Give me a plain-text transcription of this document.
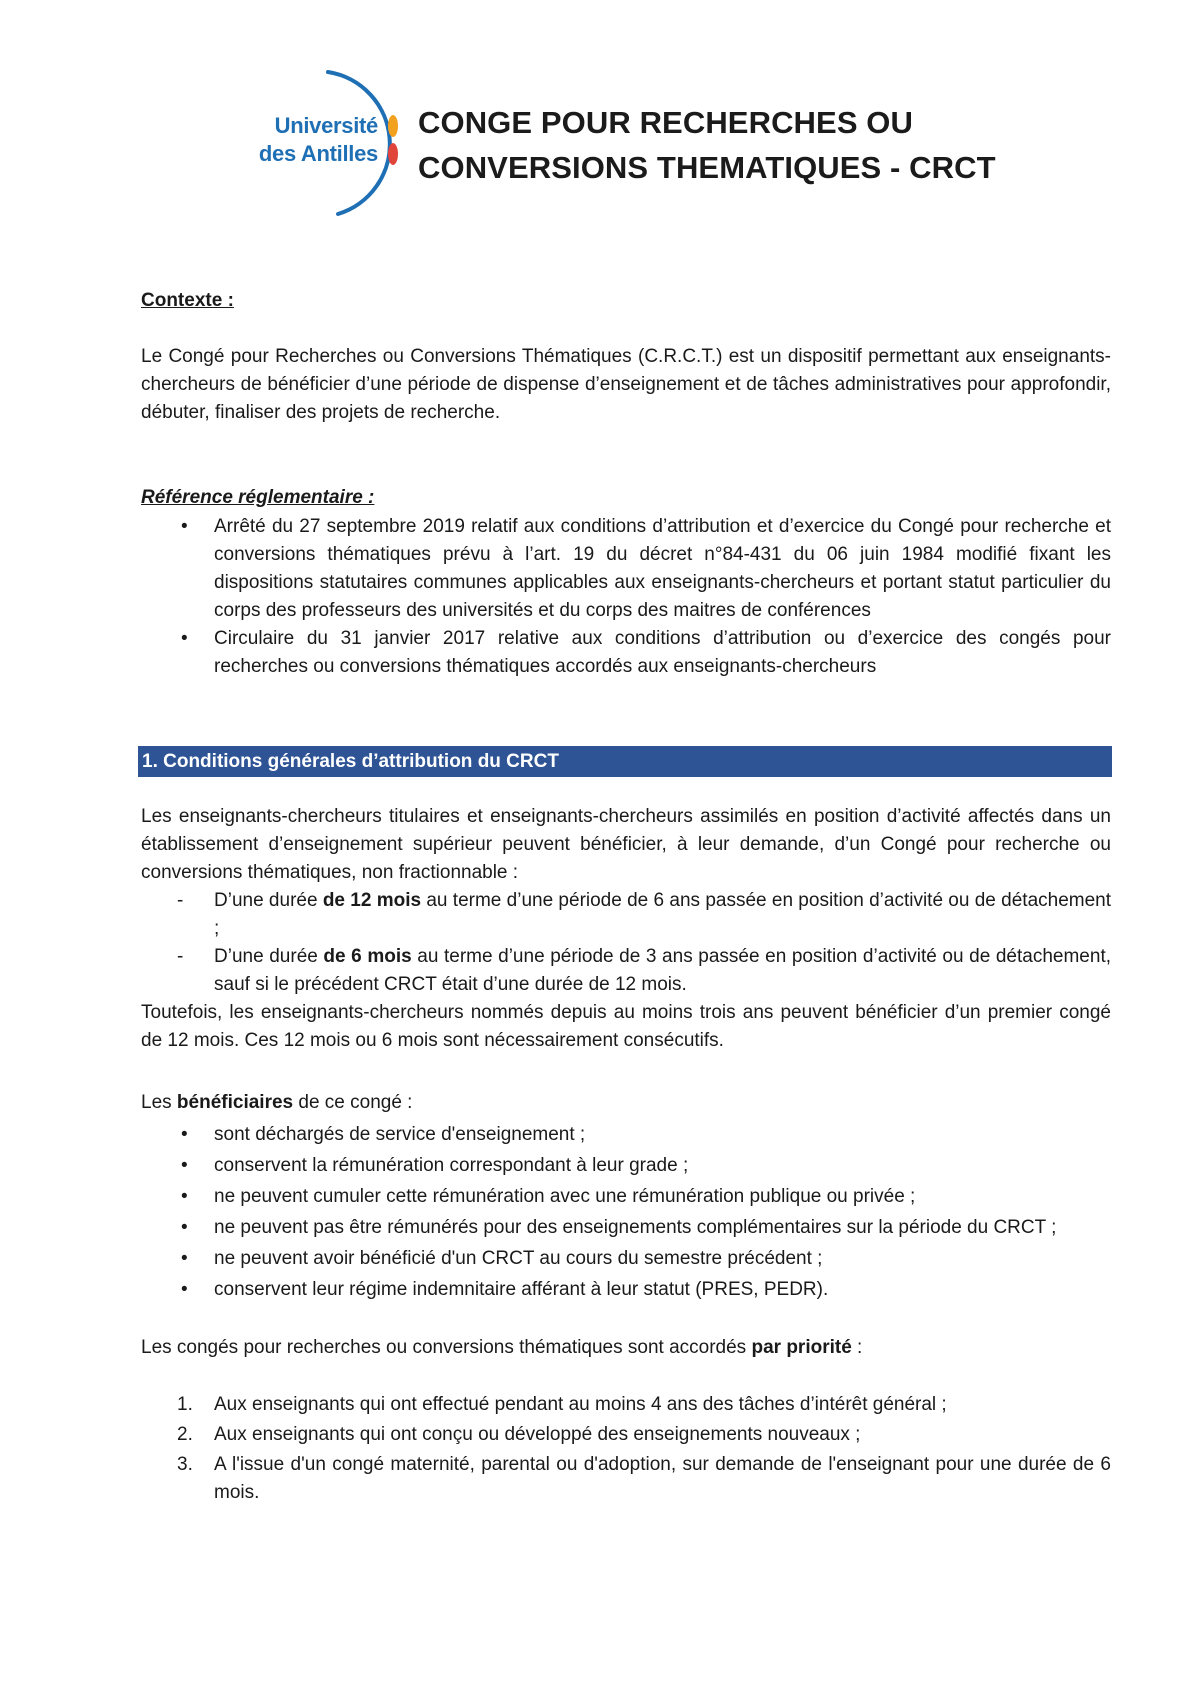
Université
des Antilles
CONGE POUR RECHERCHES OU
CONVERSIONS THEMATIQUES - CRCT
Contexte :

Le Congé pour Recherches ou Conversions Thématiques (C.R.C.T.) est un dispositif permettant aux enseignants-chercheurs de bénéficier d’une période de dispense d’enseignement et de tâches administratives pour approfondir, débuter, finaliser des projets de recherche.

Référence réglementaire :
• Arrêté du 27 septembre 2019 relatif aux conditions d’attribution et d’exercice du Congé pour recherche et conversions thématiques prévu à l’art. 19 du décret n°84-431 du 06 juin 1984 modifié fixant les dispositions statutaires communes applicables aux enseignants-chercheurs et portant statut particulier du corps des professeurs des universités et du corps des maitres de conférences
• Circulaire du 31 janvier 2017 relative aux conditions d’attribution ou d’exercice des congés pour recherches ou conversions thématiques accordés aux enseignants-chercheurs
1. Conditions générales d’attribution du CRCT

Les enseignants-chercheurs titulaires et enseignants-chercheurs assimilés en position d’activité affectés dans un établissement d’enseignement supérieur peuvent bénéficier, à leur demande, d’un Congé pour recherche ou conversions thématiques, non fractionnable :

- D’une durée de 12 mois au terme d’une période de 6 ans passée en position d’activité ou de détachement ;
- D’une durée de 6 mois au terme d’une période de 3 ans passée en position d’activité ou de détachement, sauf si le précédent CRCT était d’une durée de 12 mois.

Toutefois, les enseignants-chercheurs nommés depuis au moins trois ans peuvent bénéficier d’un premier congé de 12 mois. Ces 12 mois ou 6 mois sont nécessairement consécutifs.

Les bénéficiaires de ce congé :

• sont déchargés de service d'enseignement ;
• conservent la rémunération correspondant à leur grade ;
• ne peuvent cumuler cette rémunération avec une rémunération publique ou privée ;
• ne peuvent pas être rémunérés pour des enseignements complémentaires sur la période du CRCT ;
• ne peuvent avoir bénéficié d'un CRCT au cours du semestre précédent ;
• conservent leur régime indemnitaire afférant à leur statut (PRES, PEDR).

Les congés pour recherches ou conversions thématiques sont accordés par priorité :

1. Aux enseignants qui ont effectué pendant au moins 4 ans des tâches d’intérêt général ;
2. Aux enseignants qui ont conçu ou développé des enseignements nouveaux ;
3. A l'issue d'un congé maternité, parental ou d'adoption, sur demande de l'enseignant pour une durée de 6 mois.
